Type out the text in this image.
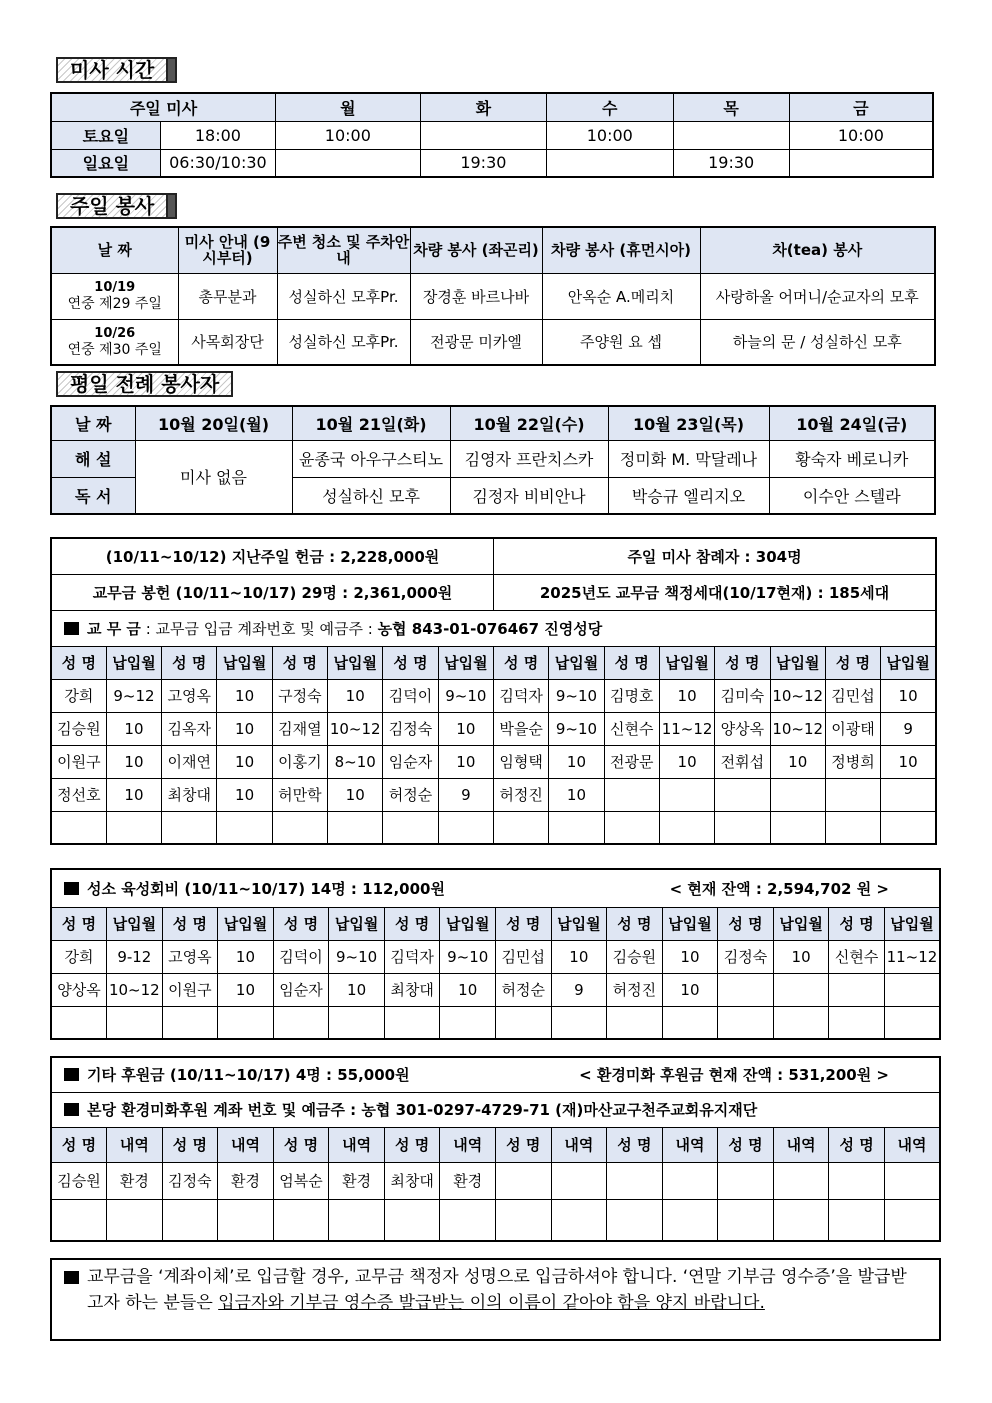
미사 시간
주일 미사		월	화	수	목	금
토요일	18:00	10:00		10:00		10:00
일요일	06:30/10:30		19:30		19:30	
주일 봉사
날 짜	미사 안내 (9시부터)	주변 청소 및 주차안내	차량 봉사 (좌곤리)	차량 봉사 (휴먼시아)	차(tea) 봉사

10/19
연중 제29 주일	총무분과	성실하신 모후Pr.	장경훈 바르나바	안옥순 A.메리치	사랑하올 어머니/순교자의 모후

10/26
연중 제30 주일	사목회장단	성실하신 모후Pr.	전광문 미카엘	주양원 요 셉	하늘의 문 / 성실하신 모후
평일 전례 봉사자
날 짜	10월 20일(월)	10월 21일(화)	10월 22일(수)	10월 23일(목)	10월 24일(금)
해 설	미사 없음	윤종국 아우구스티노	김영자 프란치스카	정미화 M. 막달레나	황숙자 베로니카
독 서		성실하신 모후	김정자 비비안나	박승규 엘리지오	이수안 스텔라
(10/11~10/12) 지난주일 헌금 : 2,228,000원								주일 미사 참례자 : 304명							
교무금 봉헌 (10/11~10/17) 29명 : 2,361,000원								2025년도 교무금 책정세대(10/17현재) : 185세대							
교 무 금 : 교무금 입금 계좌번호 및 예금주 : 농협 843-01-076467 진영성당															
성 명	납입월	성 명	납입월	성 명	납입월	성 명	납입월	성 명	납입월	성 명	납입월	성 명	납입월	성 명	납입월
강희	9~12	고영옥	10	구정숙	10	김덕이	9~10	김덕자	9~10	김명호	10	김미숙	10~12	김민섭	10
김승원	10	김옥자	10	김재열	10~12	김정숙	10	박을순	9~10	신현수	11~12	양상옥	10~12	이광태	9
이원구	10	이재연	10	이홍기	8~10	임순자	10	임형택	10	전광문	10	전휘섭	10	정병희	10
정선호	10	최창대	10	허만학	10	허정순	9	허정진	10						

성소 육성회비 (10/11~10/17) 14명 : 112,000원 < 현재 잔액 : 2,594,702 원 >															

성 명	납입월	성 명	납입월	성 명	납입월	성 명	납입월	성 명	납입월	성 명	납입월	성 명	납입월	성 명	납입월
강희	9-12	고영옥	10	김덕이	9~10	김덕자	9~10	김민섭	10	김승원	10	김정숙	10	신현수	11~12
양상옥	10~12	이원구	10	임순자	10	최창대	10	허정순	9	허정진	10				

기타 후원금 (10/11~10/17) 4명 : 55,000원 < 환경미화 후원금 현재 잔액 : 531,200원 >															

본당 환경미화후원 계좌 번호 및 예금주 : 농협 301-0297-4729-71 (재)마산교구천주교회유지재단															
성 명	내역	성 명	내역	성 명	내역	성 명	내역	성 명	내역	성 명	내역	성 명	내역	성 명	내역
김승원	환경	김정숙	환경	엄복순	환경	최창대	환경								

교무금을 ‘계좌이체’로 입금할 경우, 교무금 책정자 성명으로 입금하셔야 합니다. ‘연말 기부금 영수증’을 발급받고자 하는 분들은 입금자와 기부금 영수증 발급받는 이의 이름이 같아야 함을 양지 바랍니다.
